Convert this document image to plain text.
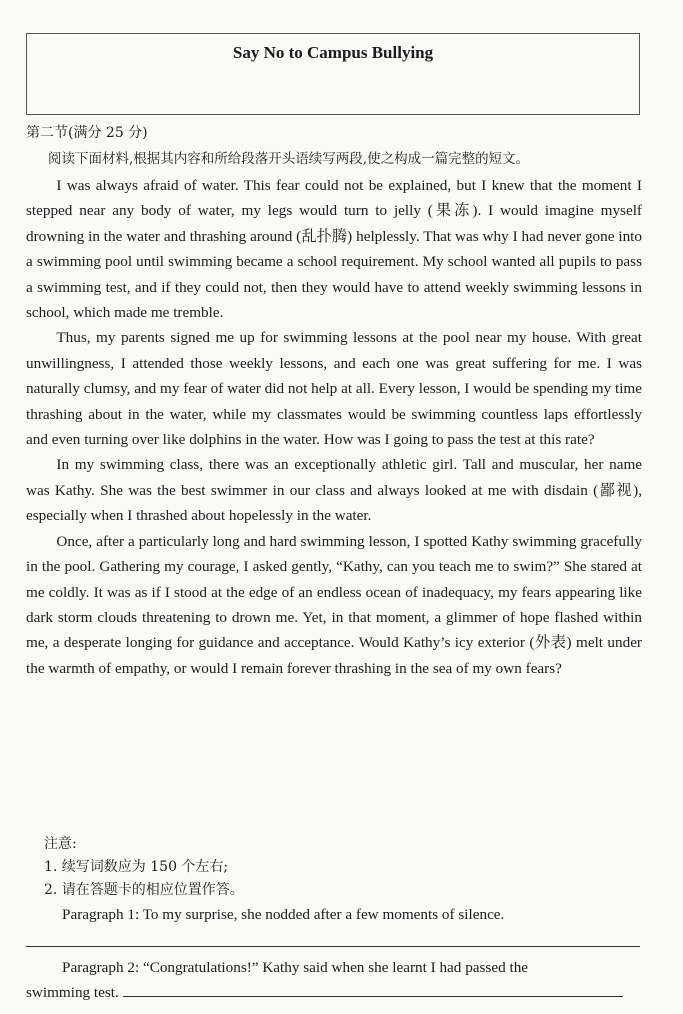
Say No to Campus Bullying
第二节(满分 25 分)
阅读下面材料,根据其内容和所给段落开头语续写两段,使之构成一篇完整的短文。

I was always afraid of water. This fear could not be explained, but I knew that the moment I stepped near any body of water, my legs would turn to jelly (果冻). I would imagine myself drowning in the water and thrashing around (乱扑腾) helplessly. That was why I had never gone into a swimming pool until swimming became a school requirement. My school wanted all pupils to pass a swimming test, and if they could not, then they would have to attend weekly swimming lessons in school, which made me tremble.

Thus, my parents signed me up for swimming lessons at the pool near my house. With great unwillingness, I attended those weekly lessons, and each one was great suffering for me. I was naturally clumsy, and my fear of water did not help at all. Every lesson, I would be spending my time thrashing about in the water, while my classmates would be swimming countless laps effortlessly and even turning over like dolphins in the water. How was I going to pass the test at this rate?

In my swimming class, there was an exceptionally athletic girl. Tall and muscular, her name was Kathy. She was the best swimmer in our class and always looked at me with disdain (鄙视), especially when I thrashed about hopelessly in the water.

Once, after a particularly long and hard swimming lesson, I spotted Kathy swimming gracefully in the pool. Gathering my courage, I asked gently, “Kathy, can you teach me to swim?” She stared at me coldly. It was as if I stood at the edge of an endless ocean of inadequacy, my fears appearing like dark storm clouds threatening to drown me. Yet, in that moment, a glimmer of hope flashed within me, a desperate longing for guidance and acceptance. Would Kathy’s icy exterior (外表) melt under the warmth of empathy, or would I remain forever thrashing in the sea of my own fears?

注意:
1. 续写词数应为 150 个左右;
2. 请在答题卡的相应位置作答。
Paragraph 1: To my surprise, she nodded after a few moments of silence.
Paragraph 2: “Congratulations!” Kathy said when she learnt I had passed the
swimming test.
